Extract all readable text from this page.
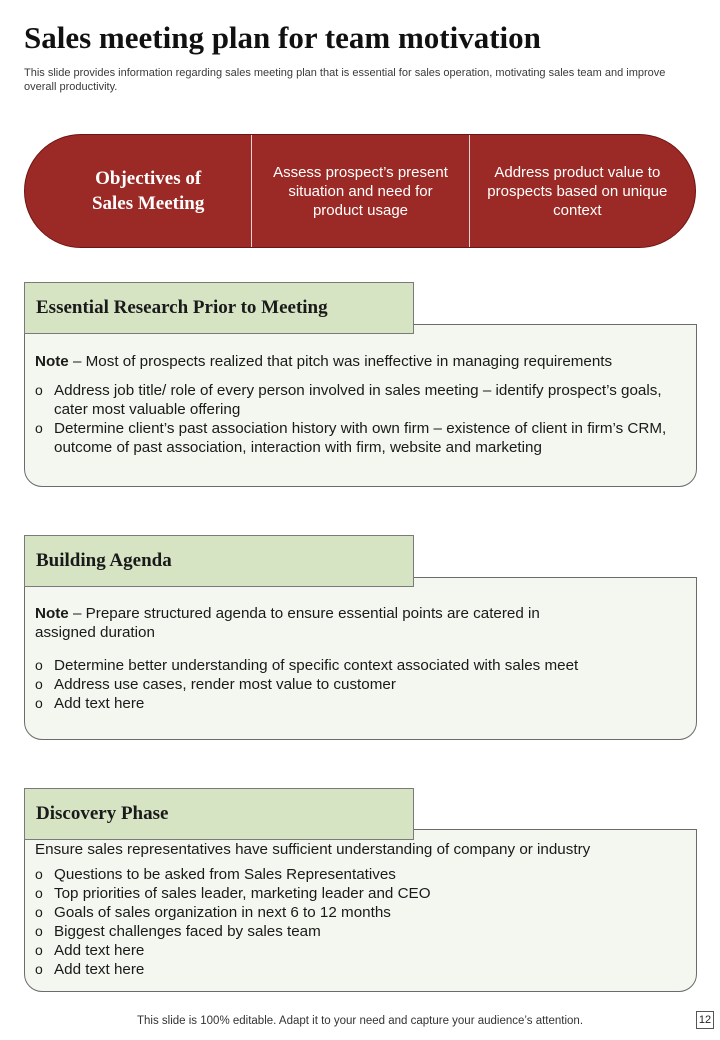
Sales meeting plan for team motivation
This slide provides information regarding sales meeting plan that is essential for sales operation, motivating sales team and improve overall productivity.
Objectives of
Sales Meeting
Assess prospect’s present situation and need for product usage
Address product value to prospects based on unique context
Essential Research Prior to Meeting

Note – Most of prospects realized that pitch was ineffective in managing requirements

o Address job title/ role of every person involved in sales meeting – identify prospect’s goals, cater most valuable offering
o Determine client’s past association history with own firm – existence of client in firm’s CRM, outcome of past association, interaction with firm, website and marketing
Building Agenda

Note – Prepare structured agenda to ensure essential points are catered in assigned duration

o Determine better understanding of specific context associated with sales meet
o Address use cases, render most value to customer
o Add text here
Discovery Phase

Ensure sales representatives have sufficient understanding of company or industry

o Questions to be asked from Sales Representatives
o Top priorities of sales leader, marketing leader and CEO
o Goals of sales organization in next 6 to 12 months
o Biggest challenges faced by sales team
o Add text here
o Add text here
This slide is 100% editable. Adapt it to your need and capture your audience’s attention.	12
